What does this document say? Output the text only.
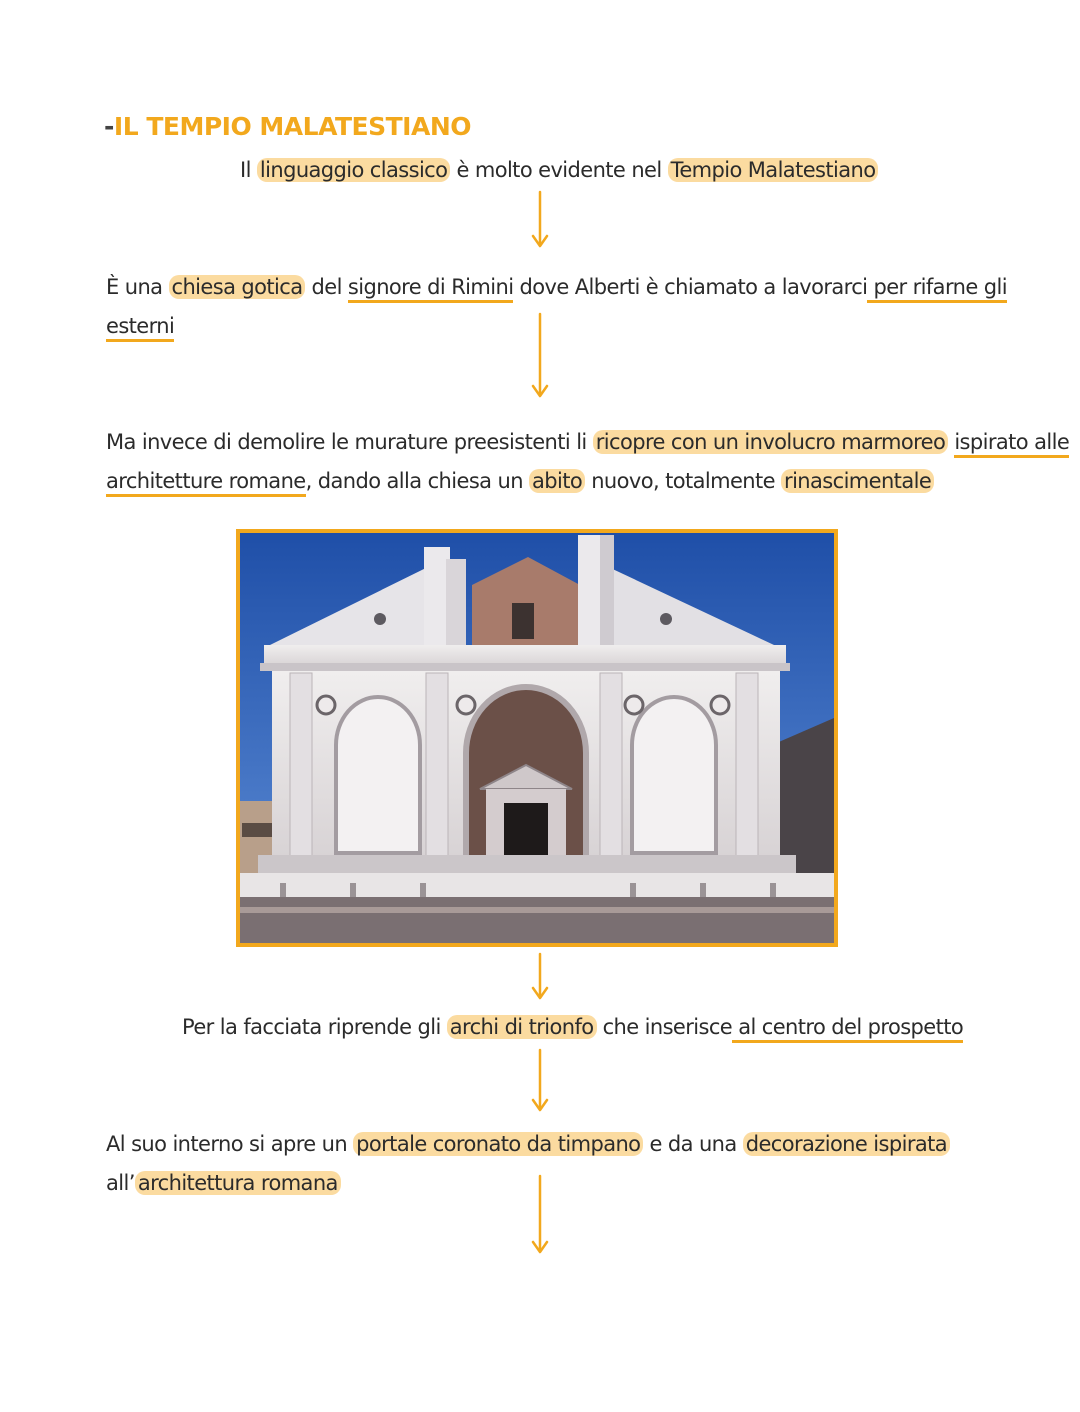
-IL TEMPIO MALATESTIANO
Il linguaggio classico è molto evidente nel Tempio Malatestiano
È una chiesa gotica del signore di Rimini dove Alberti è chiamato a lavorarci per rifarne gli
esterni
Ma invece di demolire le murature preesistenti li ricopre con un involucro marmoreo ispirato alle
architetture romane, dando alla chiesa un abito nuovo, totalmente rinascimentale
Per la facciata riprende gli archi di trionfo che inserisce al centro del prospetto
Al suo interno si apre un portale coronato da timpano e da una decorazione ispirata
all’ architettura romana
